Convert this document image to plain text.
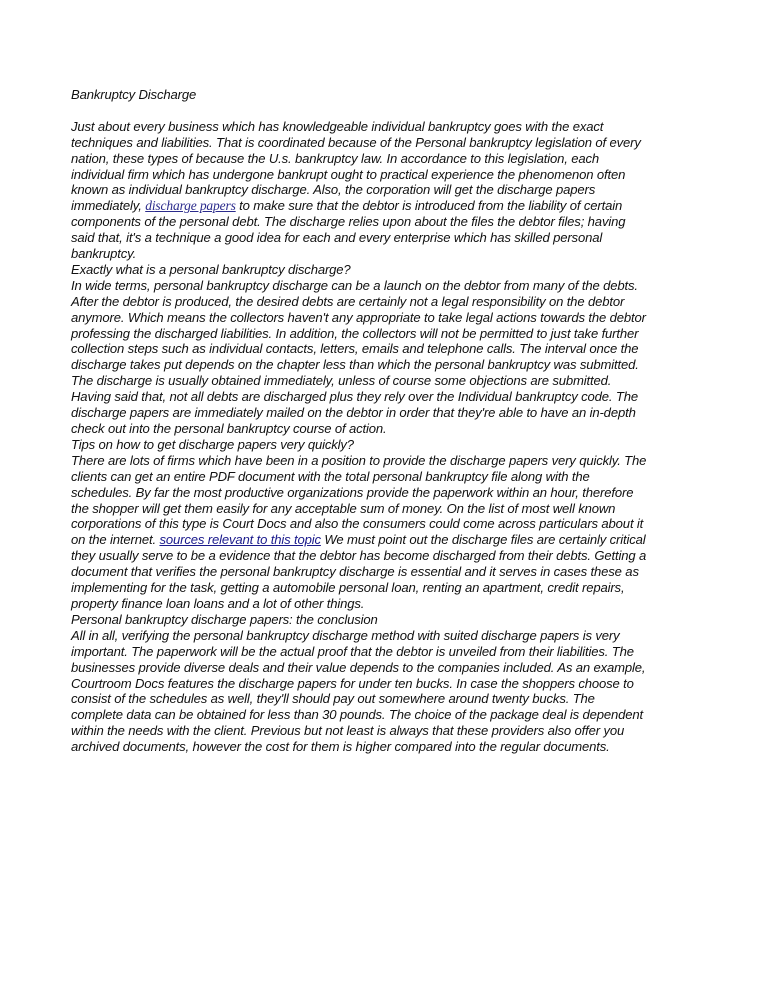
Bankruptcy Discharge

Just about every business which has knowledgeable individual bankruptcy goes with the exact
techniques and liabilities. That is coordinated because of the Personal bankruptcy legislation of every
nation, these types of because the U.s. bankruptcy law. In accordance to this legislation, each
individual firm which has undergone bankrupt ought to practical experience the phenomenon often
known as individual bankruptcy discharge. Also, the corporation will get the discharge papers
immediately, discharge papers to make sure that the debtor is introduced from the liability of certain
components of the personal debt. The discharge relies upon about the files the debtor files; having
said that, it's a technique a good idea for each and every enterprise which has skilled personal
bankruptcy.

Exactly what is a personal bankruptcy discharge?

In wide terms, personal bankruptcy discharge can be a launch on the debtor from many of the debts.
After the debtor is produced, the desired debts are certainly not a legal responsibility on the debtor
anymore. Which means the collectors haven't any appropriate to take legal actions towards the debtor
professing the discharged liabilities. In addition, the collectors will not be permitted to just take further
collection steps such as individual contacts, letters, emails and telephone calls. The interval once the
discharge takes put depends on the chapter less than which the personal bankruptcy was submitted.
The discharge is usually obtained immediately, unless of course some objections are submitted.
Having said that, not all debts are discharged plus they rely over the Individual bankruptcy code. The
discharge papers are immediately mailed on the debtor in order that they're able to have an in-depth
check out into the personal bankruptcy course of action.

Tips on how to get discharge papers very quickly?

There are lots of firms which have been in a position to provide the discharge papers very quickly. The
clients can get an entire PDF document with the total personal bankruptcy file along with the
schedules. By far the most productive organizations provide the paperwork within an hour, therefore
the shopper will get them easily for any acceptable sum of money. On the list of most well known
corporations of this type is Court Docs and also the consumers could come across particulars about it
on the internet. sources relevant to this topic We must point out the discharge files are certainly critical
they usually serve to be a evidence that the debtor has become discharged from their debts. Getting a
document that verifies the personal bankruptcy discharge is essential and it serves in cases these as
implementing for the task, getting a automobile personal loan, renting an apartment, credit repairs,
property finance loan loans and a lot of other things.

Personal bankruptcy discharge papers: the conclusion

All in all, verifying the personal bankruptcy discharge method with suited discharge papers is very
important. The paperwork will be the actual proof that the debtor is unveiled from their liabilities. The
businesses provide diverse deals and their value depends to the companies included. As an example,
Courtroom Docs features the discharge papers for under ten bucks. In case the shoppers choose to
consist of the schedules as well, they'll should pay out somewhere around twenty bucks. The
complete data can be obtained for less than 30 pounds. The choice of the package deal is dependent
within the needs with the client. Previous but not least is always that these providers also offer you
archived documents, however the cost for them is higher compared into the regular documents.
